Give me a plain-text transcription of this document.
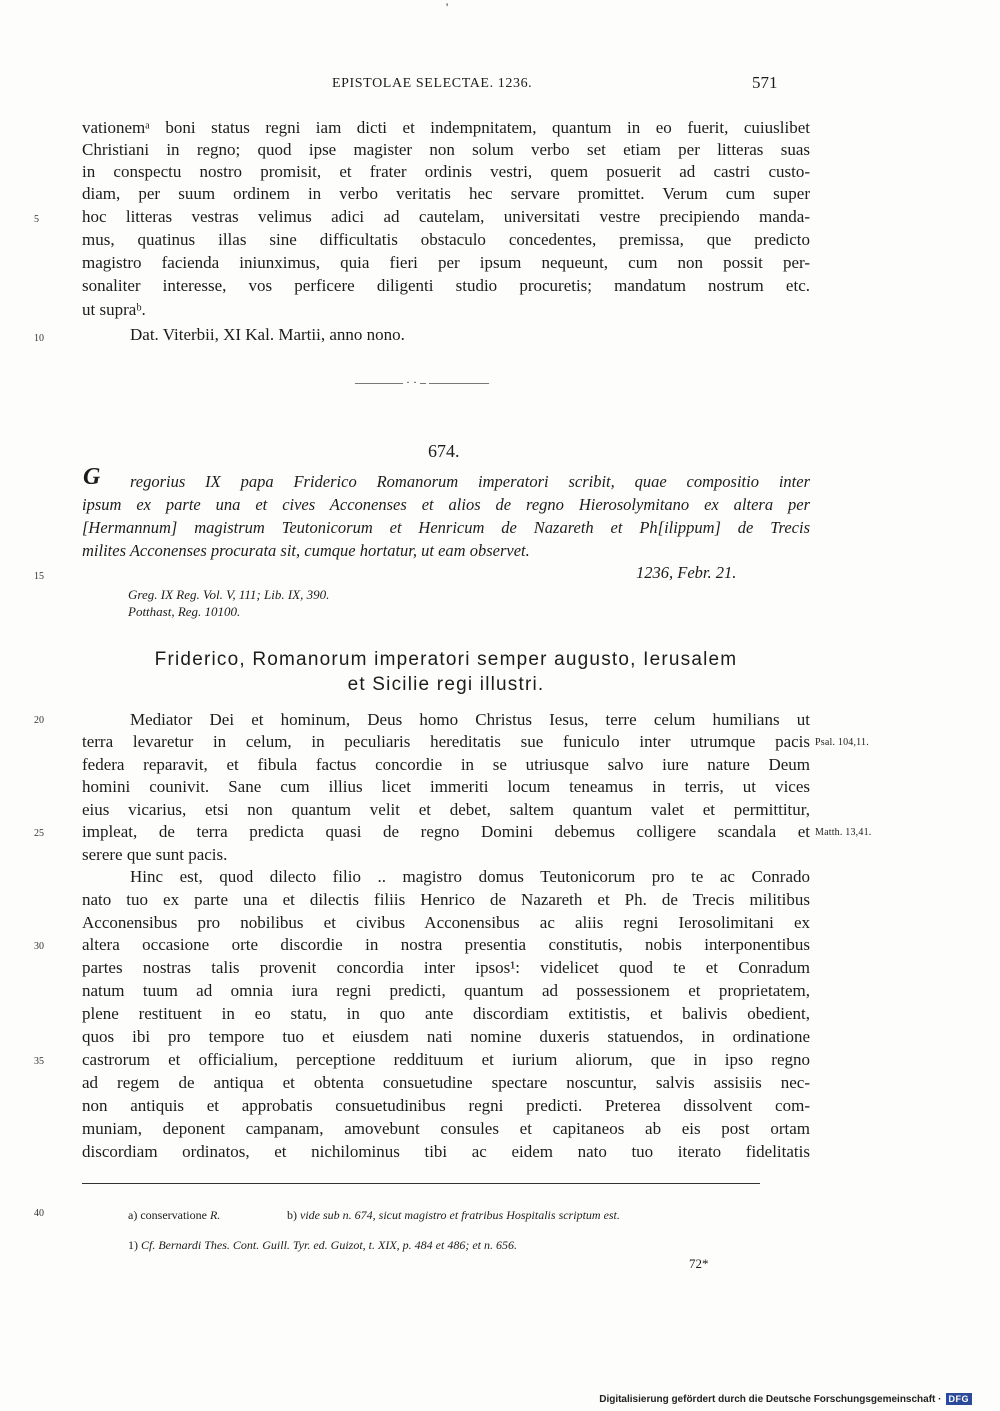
'
EPISTOLAE SELECTAE. 1236.	571
vationemᵃ boni status regni iam dicti et indempnitatem, quantum in eo fuerit, cuiuslibet
Christiani in regno; quod ipse magister non solum verbo set etiam per litteras suas
in conspectu nostro promisit, et frater ordinis vestri, quem posuerit ad castri custo-
diam, per suum ordinem in verbo veritatis hec servare promittet. Verum cum super
hoc litteras vestras velimus adici ad cautelam, universitati vestre precipiendo manda-
mus, quatinus illas sine difficultatis obstaculo concedentes, premissa, que predicto
magistro facienda iniunximus, quia fieri per ipsum nequeunt, cum non possit per-
sonaliter interesse, vos perficere diligenti studio procuretis; mandatum nostrum etc.
ut supraᵇ.
Dat. Viterbii, XI Kal. Martii, anno nono.
———–– · · – ––————
674.
G regorius IX papa Friderico Romanorum imperatori scribit, quae compositio inter
ipsum ex parte una et cives Acconenses et alios de regno Hierosolymitano ex altera per
[Hermannum] magistrum Teutonicorum et Henricum de Nazareth et Ph[ilippum] de Trecis
milites Acconenses procurata sit, cumque hortatur, ut eam observet.
1236, Febr. 21.
Greg. IX Reg. Vol. V, 111; Lib. IX, 390.
Potthast, Reg. 10100.
Friderico, Romanorum imperatori semper augusto, Ierusalem
et Sicilie regi illustri.
Mediator Dei et hominum, Deus homo Christus Iesus, terre celum humilians ut
terra levaretur in celum, in peculiaris hereditatis sue funiculo inter utrumque pacis
federa reparavit, et fibula factus concordie in se utriusque salvo iure nature Deum
homini counivit. Sane cum illius licet immeriti locum teneamus in terris, ut vices
eius vicarius, etsi non quantum velit et debet, saltem quantum valet et permittitur,
impleat, de terra predicta quasi de regno Domini debemus colligere scandala et
serere que sunt pacis.
Hinc est, quod dilecto filio .. magistro domus Teutonicorum pro te ac Conrado
nato tuo ex parte una et dilectis filiis Henrico de Nazareth et Ph. de Trecis militibus
Acconensibus pro nobilibus et civibus Acconensibus ac aliis regni Ierosolimitani ex
altera occasione orte discordie in nostra presentia constitutis, nobis interponentibus
partes nostras talis provenit concordia inter ipsos¹: videlicet quod te et Conradum
natum tuum ad omnia iura regni predicti, quantum ad possessionem et proprietatem,
plene restituent in eo statu, in quo ante discordiam extitistis, et balivis obedient,
quos ibi pro tempore tuo et eiusdem nati nomine duxeris statuendos, in ordinatione
castrorum et officialium, perceptione reddituum et iurium aliorum, que in ipso regno
ad regem de antiqua et obtenta consuetudine spectare noscuntur, salvis assisiis nec-
non antiquis et approbatis consuetudinibus regni predicti. Preterea dissolvent com-
muniam, deponent campanam, amovebunt consules et capitaneos ab eis post ortam
discordiam ordinatos, et nichilominus tibi ac eidem nato tuo iterato fidelitatis
Psal. 104,11.
Matth. 13,41.
5
10
15
20
25
30
35
40	a) conservatione R.	b) vide sub n. 674, sicut magistro et fratribus Hospitalis scriptum est.
1) Cf. Bernardi Thes. Cont. Guill. Tyr. ed. Guizot, t. XIX, p. 484 et 486; et n. 656.
72*
Digitalisierung gefördert durch die Deutsche Forschungsgemeinschaft · DFG
